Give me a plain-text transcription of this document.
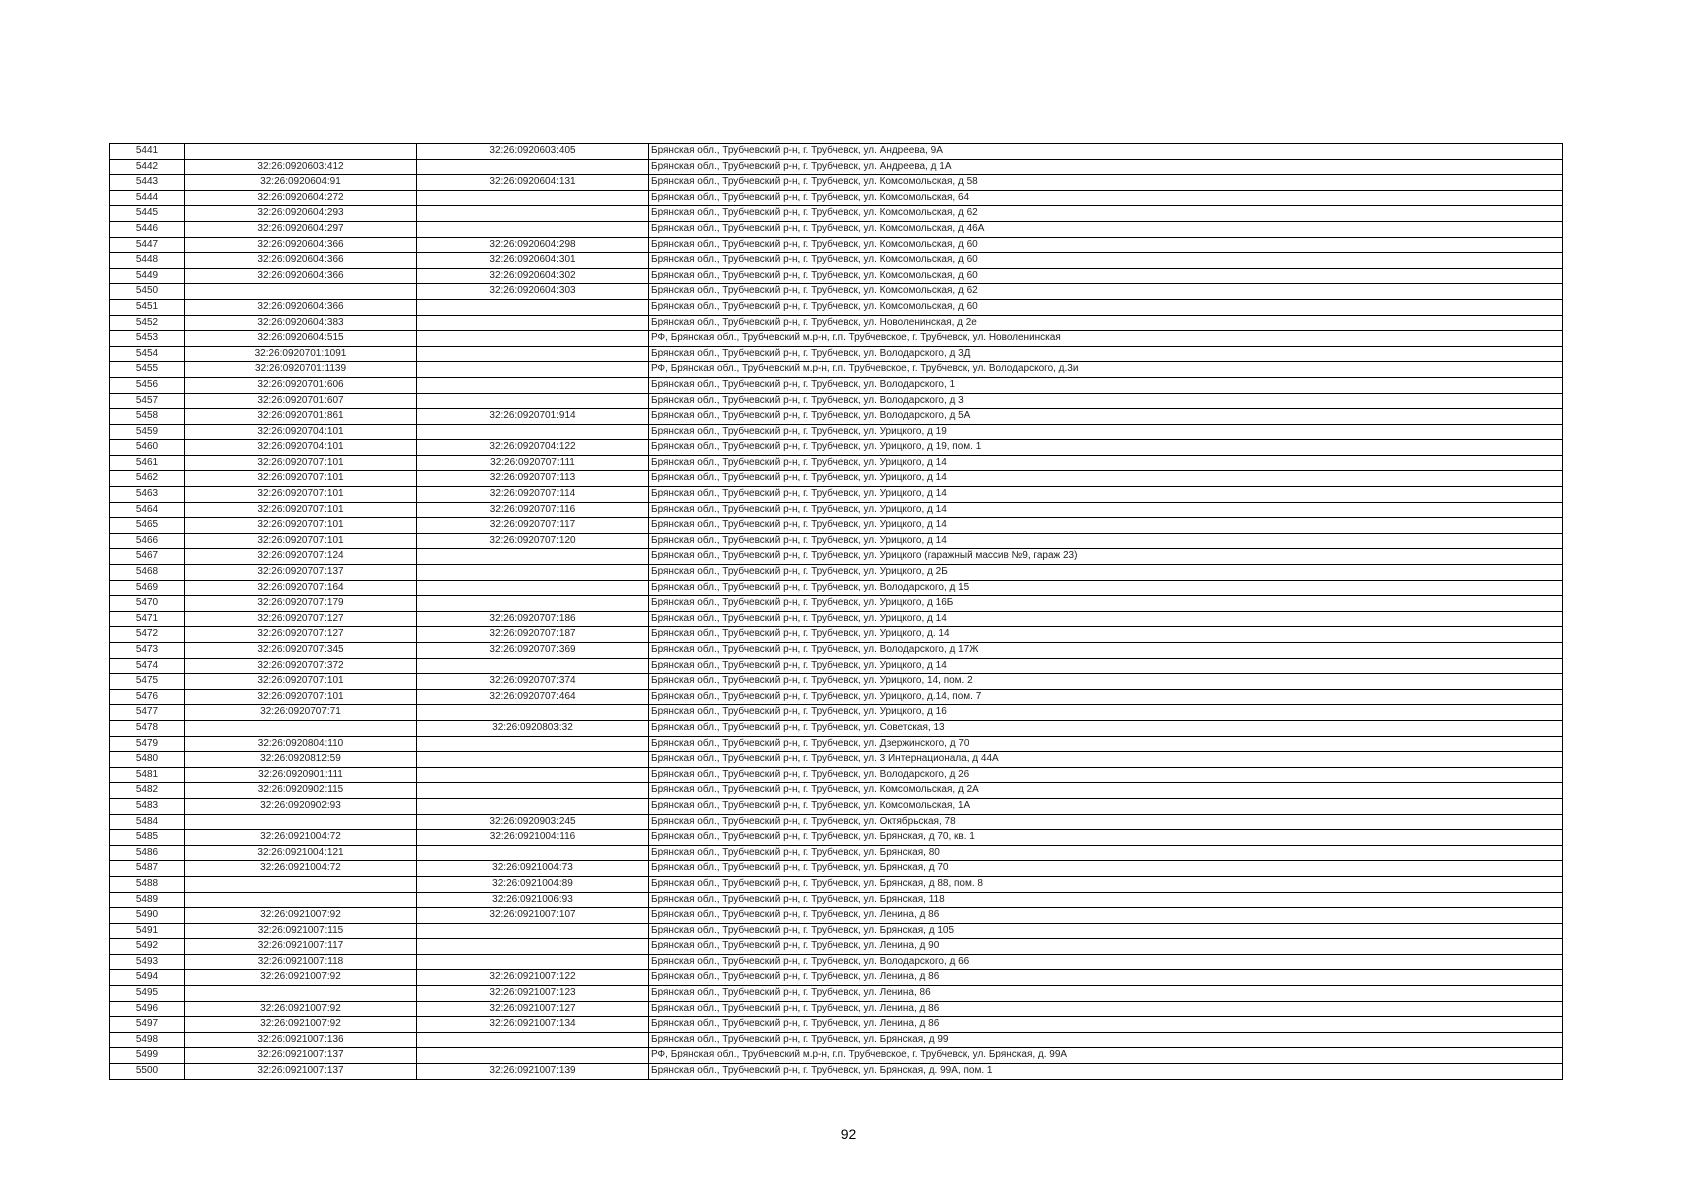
5441		32:26:0920603:405	Брянская обл., Трубчевский р-н, г. Трубчевск, ул. Андреева, 9А
5442	32:26:0920603:412		Брянская обл., Трубчевский р-н, г. Трубчевск, ул. Андреева, д 1А
5443	32:26:0920604:91	32:26:0920604:131	Брянская обл., Трубчевский р-н, г. Трубчевск, ул. Комсомольская, д 58
5444	32:26:0920604:272		Брянская обл., Трубчевский р-н, г. Трубчевск, ул. Комсомольская, 64
5445	32:26:0920604:293		Брянская обл., Трубчевский р-н, г. Трубчевск, ул. Комсомольская, д 62
5446	32:26:0920604:297		Брянская обл., Трубчевский р-н, г. Трубчевск, ул. Комсомольская, д 46А
5447	32:26:0920604:366	32:26:0920604:298	Брянская обл., Трубчевский р-н, г. Трубчевск, ул. Комсомольская, д 60
5448	32:26:0920604:366	32:26:0920604:301	Брянская обл., Трубчевский р-н, г. Трубчевск, ул. Комсомольская, д 60
5449	32:26:0920604:366	32:26:0920604:302	Брянская обл., Трубчевский р-н, г. Трубчевск, ул. Комсомольская, д 60
5450		32:26:0920604:303	Брянская обл., Трубчевский р-н, г. Трубчевск, ул. Комсомольская, д 62
5451	32:26:0920604:366		Брянская обл., Трубчевский р-н, г. Трубчевск, ул. Комсомольская, д 60
5452	32:26:0920604:383		Брянская обл., Трубчевский р-н, г. Трубчевск, ул. Новоленинская, д 2е
5453	32:26:0920604:515		РФ, Брянская обл., Трубчевский м.р-н, г.п. Трубчевское, г. Трубчевск, ул. Новоленинская
5454	32:26:0920701:1091		Брянская обл., Трубчевский р-н, г. Трубчевск, ул. Володарского, д 3Д
5455	32:26:0920701:1139		РФ, Брянская обл., Трубчевский м.р-н, г.п. Трубчевское, г. Трубчевск, ул. Володарского, д.3и
5456	32:26:0920701:606		Брянская обл., Трубчевский р-н, г. Трубчевск, ул. Володарского, 1
5457	32:26:0920701:607		Брянская обл., Трубчевский р-н, г. Трубчевск, ул. Володарского, д 3
5458	32:26:0920701:861	32:26:0920701:914	Брянская обл., Трубчевский р-н, г. Трубчевск, ул. Володарского, д 5А
5459	32:26:0920704:101		Брянская обл., Трубчевский р-н, г. Трубчевск, ул. Урицкого, д 19
5460	32:26:0920704:101	32:26:0920704:122	Брянская обл., Трубчевский р-н, г. Трубчевск, ул. Урицкого, д 19, пом. 1
5461	32:26:0920707:101	32:26:0920707:111	Брянская обл., Трубчевский р-н, г. Трубчевск, ул. Урицкого, д 14
5462	32:26:0920707:101	32:26:0920707:113	Брянская обл., Трубчевский р-н, г. Трубчевск, ул. Урицкого, д 14
5463	32:26:0920707:101	32:26:0920707:114	Брянская обл., Трубчевский р-н, г. Трубчевск, ул. Урицкого, д 14
5464	32:26:0920707:101	32:26:0920707:116	Брянская обл., Трубчевский р-н, г. Трубчевск, ул. Урицкого, д 14
5465	32:26:0920707:101	32:26:0920707:117	Брянская обл., Трубчевский р-н, г. Трубчевск, ул. Урицкого, д 14
5466	32:26:0920707:101	32:26:0920707:120	Брянская обл., Трубчевский р-н, г. Трубчевск, ул. Урицкого, д 14
5467	32:26:0920707:124		Брянская обл., Трубчевский р-н, г. Трубчевск, ул. Урицкого (гаражный массив №9, гараж 23)
5468	32:26:0920707:137		Брянская обл., Трубчевский р-н, г. Трубчевск, ул. Урицкого, д 2Б
5469	32:26:0920707:164		Брянская обл., Трубчевский р-н, г. Трубчевск, ул. Володарского, д 15
5470	32:26:0920707:179		Брянская обл., Трубчевский р-н, г. Трубчевск, ул. Урицкого, д 16Б
5471	32:26:0920707:127	32:26:0920707:186	Брянская обл., Трубчевский р-н, г. Трубчевск, ул. Урицкого, д 14
5472	32:26:0920707:127	32:26:0920707:187	Брянская обл., Трубчевский р-н, г. Трубчевск, ул. Урицкого, д. 14
5473	32:26:0920707:345	32:26:0920707:369	Брянская обл., Трубчевский р-н, г. Трубчевск, ул. Володарского, д 17Ж
5474	32:26:0920707:372		Брянская обл., Трубчевский р-н, г. Трубчевск, ул. Урицкого, д 14
5475	32:26:0920707:101	32:26:0920707:374	Брянская обл., Трубчевский р-н, г. Трубчевск, ул. Урицкого, 14, пом. 2
5476	32:26:0920707:101	32:26:0920707:464	Брянская обл., Трубчевский р-н, г. Трубчевск, ул. Урицкого, д.14, пом. 7
5477	32:26:0920707:71		Брянская обл., Трубчевский р-н, г. Трубчевск, ул. Урицкого, д 16
5478		32:26:0920803:32	Брянская обл., Трубчевский р-н, г. Трубчевск, ул. Советская, 13
5479	32:26:0920804:110		Брянская обл., Трубчевский р-н, г. Трубчевск, ул. Дзержинского, д 70
5480	32:26:0920812:59		Брянская обл., Трубчевский р-н, г. Трубчевск, ул. 3 Интернационала, д 44А
5481	32:26:0920901:111		Брянская обл., Трубчевский р-н, г. Трубчевск, ул. Володарского, д 26
5482	32:26:0920902:115		Брянская обл., Трубчевский р-н, г. Трубчевск, ул. Комсомольская, д 2А
5483	32:26:0920902:93		Брянская обл., Трубчевский р-н, г. Трубчевск, ул. Комсомольская, 1А
5484		32:26:0920903:245	Брянская обл., Трубчевский р-н, г. Трубчевск, ул. Октябрьская, 78
5485	32:26:0921004:72	32:26:0921004:116	Брянская обл., Трубчевский р-н, г. Трубчевск, ул. Брянская, д 70, кв. 1
5486	32:26:0921004:121		Брянская обл., Трубчевский р-н, г. Трубчевск, ул. Брянская, 80
5487	32:26:0921004:72	32:26:0921004:73	Брянская обл., Трубчевский р-н, г. Трубчевск, ул. Брянская, д 70
5488		32:26:0921004:89	Брянская обл., Трубчевский р-н, г. Трубчевск, ул. Брянская, д 88, пом. 8
5489		32:26:0921006:93	Брянская обл., Трубчевский р-н, г. Трубчевск, ул. Брянская, 118
5490	32:26:0921007:92	32:26:0921007:107	Брянская обл., Трубчевский р-н, г. Трубчевск, ул. Ленина, д 86
5491	32:26:0921007:115		Брянская обл., Трубчевский р-н, г. Трубчевск, ул. Брянская, д 105
5492	32:26:0921007:117		Брянская обл., Трубчевский р-н, г. Трубчевск, ул. Ленина, д 90
5493	32:26:0921007:118		Брянская обл., Трубчевский р-н, г. Трубчевск, ул. Володарского, д 66
5494	32:26:0921007:92	32:26:0921007:122	Брянская обл., Трубчевский р-н, г. Трубчевск, ул. Ленина, д 86
5495		32:26:0921007:123	Брянская обл., Трубчевский р-н, г. Трубчевск, ул. Ленина, 86
5496	32:26:0921007:92	32:26:0921007:127	Брянская обл., Трубчевский р-н, г. Трубчевск, ул. Ленина, д 86
5497	32:26:0921007:92	32:26:0921007:134	Брянская обл., Трубчевский р-н, г. Трубчевск, ул. Ленина, д 86
5498	32:26:0921007:136		Брянская обл., Трубчевский р-н, г. Трубчевск, ул. Брянская, д 99
5499	32:26:0921007:137		РФ, Брянская обл., Трубчевский м.р-н, г.п. Трубчевское, г. Трубчевск, ул. Брянская, д. 99А
5500	32:26:0921007:137	32:26:0921007:139	Брянская обл., Трубчевский р-н, г. Трубчевск, ул. Брянская, д. 99А, пом. 1
92
